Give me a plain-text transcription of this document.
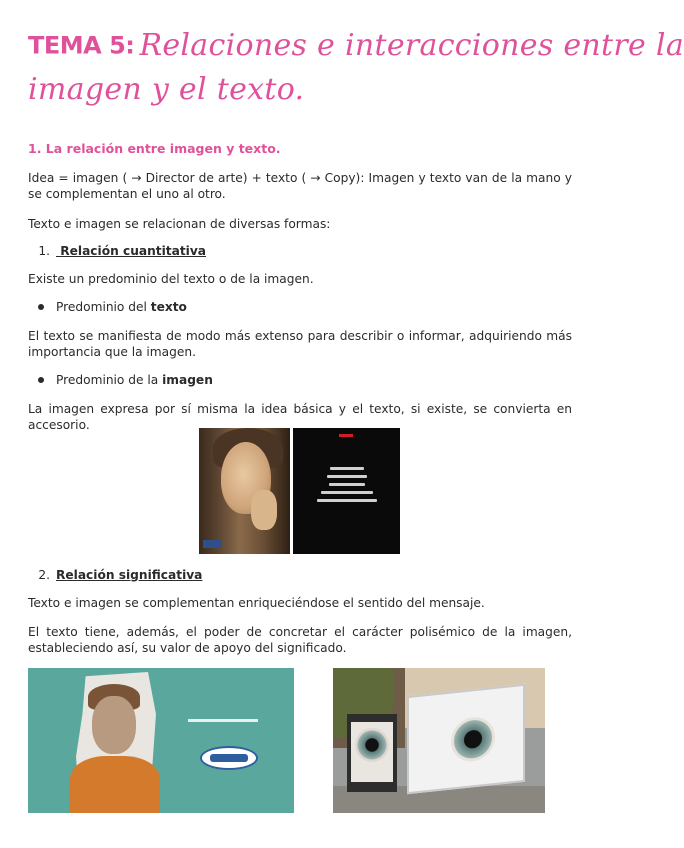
TEMA 5: Relaciones e interacciones entre la
imagen y el texto.
1. La relación entre imagen y texto.

Idea = imagen ( → Director de arte) + texto ( → Copy): Imagen y texto van de la mano y se complementan el uno al otro.

Texto e imagen se relacionan de diversas formas:

1. Relación cuantitativa

Existe un predominio del texto o de la imagen.

Predominio del texto

El texto se manifiesta de modo más extenso para describir o informar, adquiriendo más importancia que la imagen.

Predominio de la imagen

La imagen expresa por sí misma la idea básica y el texto, si existe, se convierta en accesorio.

2. Relación significativa

Texto e imagen se complementan enriqueciéndose el sentido del mensaje.

El texto tiene, además, el poder de concretar el carácter polisémico de la imagen, estableciendo así, su valor de apoyo del significado.
